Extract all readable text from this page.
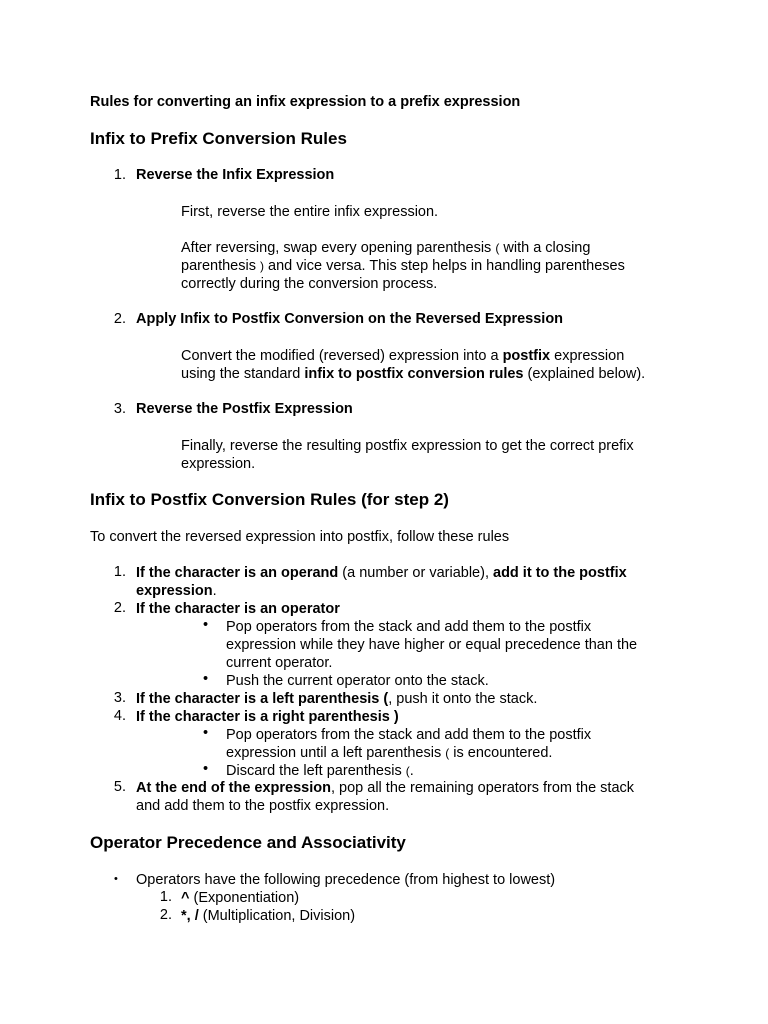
Rules for converting an infix expression to a prefix expression
Infix to Prefix Conversion Rules
1. Reverse the Infix Expression
First, reverse the entire infix expression.
After reversing, swap every opening parenthesis ( with a closing
parenthesis ) and vice versa. This step helps in handling parentheses
correctly during the conversion process.
2. Apply Infix to Postfix Conversion on the Reversed Expression
Convert the modified (reversed) expression into a postfix expression
using the standard infix to postfix conversion rules (explained below).
3. Reverse the Postfix Expression
Finally, reverse the resulting postfix expression to get the correct prefix
expression.
Infix to Postfix Conversion Rules (for step 2)
To convert the reversed expression into postfix, follow these rules
1. If the character is an operand (a number or variable), add it to the postfix
expression.
2. If the character is an operator
• Pop operators from the stack and add them to the postfix
expression while they have higher or equal precedence than the
current operator.
• Push the current operator onto the stack.
3. If the character is a left parenthesis (, push it onto the stack.
4. If the character is a right parenthesis )
• Pop operators from the stack and add them to the postfix
expression until a left parenthesis ( is encountered.
• Discard the left parenthesis (.
5. At the end of the expression, pop all the remaining operators from the stack
and add them to the postfix expression.
Operator Precedence and Associativity
• Operators have the following precedence (from highest to lowest)
1. ^ (Exponentiation)
2. *, / (Multiplication, Division)
